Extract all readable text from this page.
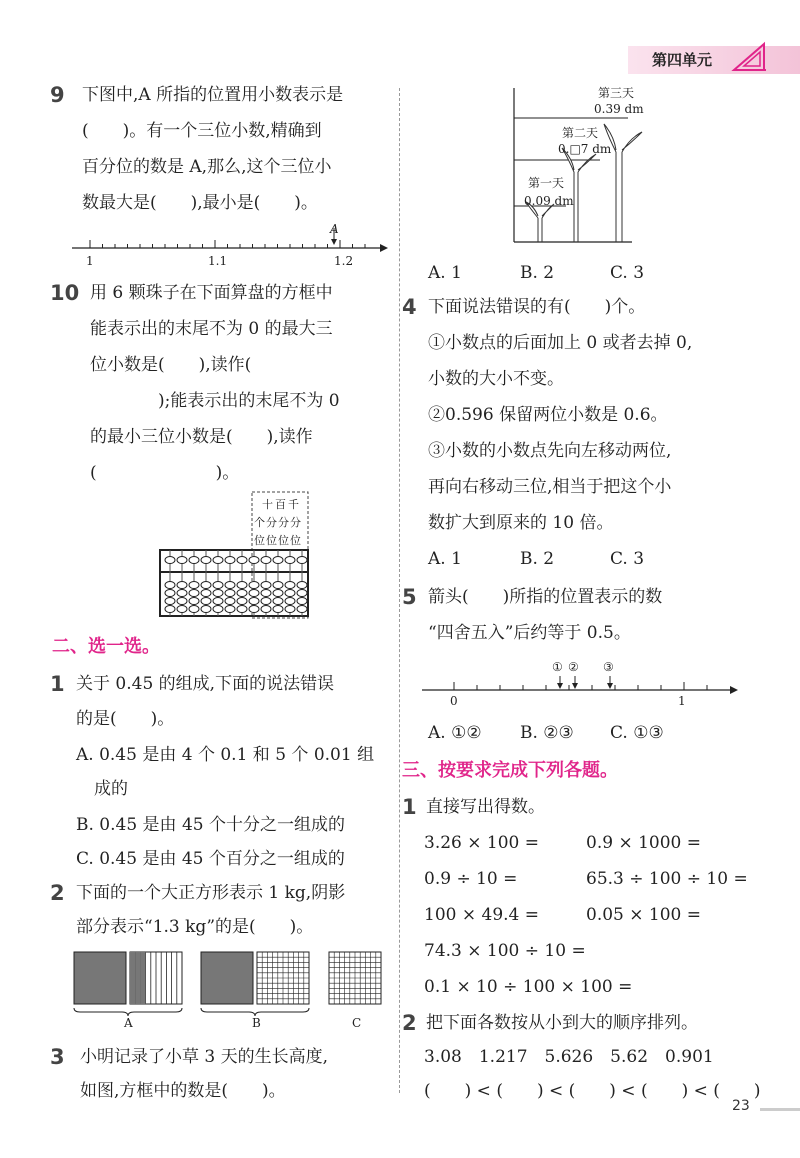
第四单元
9 下图中,A 所指的位置用小数表示是
(　　)。有一个三位小数,精确到
百分位的数是 A,那么,这个三位小
数最大是(　　),最小是(　　)。
1	1.1	1.2
A
10 用 6 颗珠子在下面算盘的方框中
能表示出的末尾不为 0 的最大三
位小数是(　　),读作(
　　　　);能表示出的末尾不为 0
的最小三位小数是(　　),读作
(　　　　　　　)。
十百千
个分分分
位位位位
二、选一选。
1 关于 0.45 的组成,下面的说法错误
的是(　　)。
A. 0.45 是由 4 个 0.1 和 5 个 0.01 组
成的
B. 0.45 是由 45 个十分之一组成的
C. 0.45 是由 45 个百分之一组成的
2 下面的一个大正方形表示 1 kg,阴影
部分表示“1.3 kg”的是(　　)。
A	B	C
3 小明记录了小草 3 天的生长高度,
如图,方框中的数是(　　)。
第三天
0.39 dm
第二天
0.□7 dm
第一天
0.09 dm
A. 1	B. 2	C. 3
4 下面说法错误的有(　　)个。
①小数点的后面加上 0 或者去掉 0,
小数的大小不变。
②0.596 保留两位小数是 0.6。
③小数的小数点先向左移动两位,
再向右移动三位,相当于把这个小
数扩大到原来的 10 倍。
A. 1	B. 2	C. 3
5 箭头(　　)所指的位置表示的数
“四舍五入”后约等于 0.5。
① ② ③
0	1
A. ①② B. ②③ C. ①③
三、按要求完成下列各题。
1 直接写出得数。
3.26 × 100 =	0.9 × 1000 =
0.9 ÷ 10 =	65.3 ÷ 100 ÷ 10 =
100 × 49.4 =	0.05 × 100 =
74.3 × 100 ÷ 10 =
0.1 × 10 ÷ 100 × 100 =
2 把下面各数按从小到大的顺序排列。
3.08　1.217　5.626　5.62　0.901
(　　) < (　　) < (　　) < (　　) < (　　)
23
